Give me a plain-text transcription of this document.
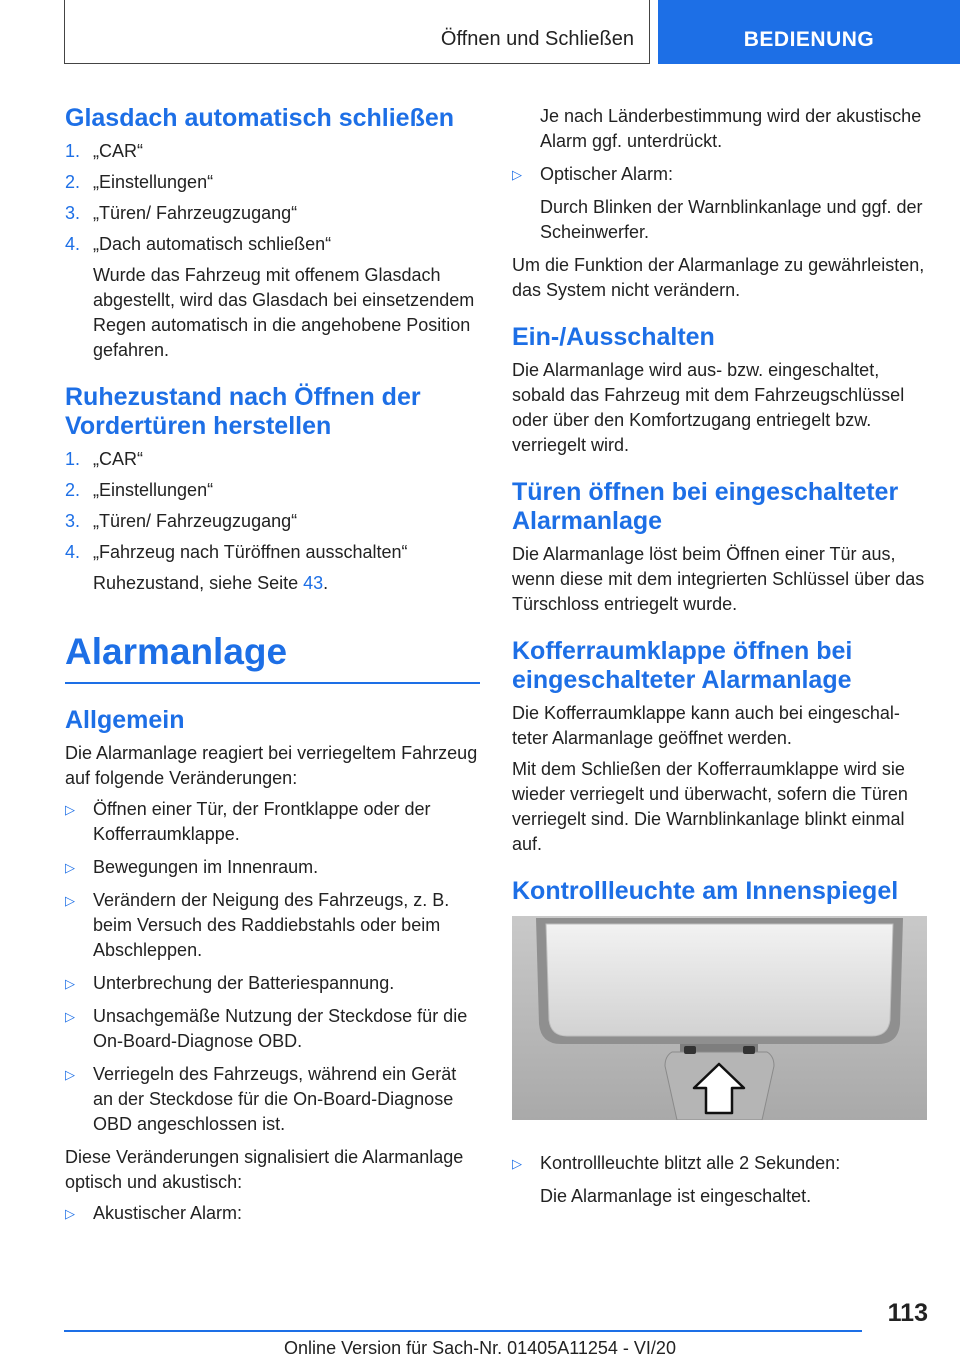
Öffnen und Schließen	BEDIENUNG
Glasdach automatisch schließen
1. „CAR“
2. „Einstellungen“
3. „Türen/ Fahrzeugzugang“
4. „Dach automatisch schließen“

Wurde das Fahrzeug mit offenem Glasdach abgestellt, wird das Glasdach bei einsetzendem Regen automatisch in die angehobene Position gefahren.

Ruhezustand nach Öffnen der Vordertüren herstellen
1. „CAR“
2. „Einstellungen“
3. „Türen/ Fahrzeugzugang“
4. „Fahrzeug nach Türöffnen ausschalten“

Ruhezustand, siehe Seite 43.

Alarmanlage
Allgemein

Die Alarmanlage reagiert bei verriegeltem Fahrzeug auf folgende Veränderungen:

▷	Öffnen einer Tür, der Frontklappe oder der Kofferraumklappe.
▷	Bewegungen im Innenraum.
▷	Verändern der Neigung des Fahrzeugs, z. B. beim Versuch des Raddiebstahls oder beim Abschleppen.
▷	Unterbrechung der Batteriespannung.
▷	Unsachgemäße Nutzung der Steckdose für die On-Board-Diagnose OBD.
▷	Verriegeln des Fahrzeugs, während ein Gerät an der Steckdose für die On-Board-Diagnose OBD angeschlossen ist.

Diese Veränderungen signalisiert die Alarmanlage optisch und akustisch:

▷	Akustischer Alarm:

Je nach Länderbestimmung wird der akustische Alarm ggf. unterdrückt.

▷	Optischer Alarm:

Durch Blinken der Warnblinkanlage und ggf. der Scheinwerfer.

Um die Funktion der Alarmanlage zu gewährleisten, das System nicht verändern.

Ein-/Ausschalten

Die Alarmanlage wird aus- bzw. eingeschaltet, sobald das Fahrzeug mit dem Fahrzeugschlüssel oder über den Komfortzugang entriegelt bzw. verriegelt wird.

Türen öffnen bei eingeschalteter Alarmanlage

Die Alarmanlage löst beim Öffnen einer Tür aus, wenn diese mit dem integrierten Schlüssel über das Türschloss entriegelt wurde.

Kofferraumklappe öffnen bei eingeschalteter Alarmanlage

Die Kofferraumklappe kann auch bei eingeschalteter Alarmanlage geöffnet werden.

Mit dem Schließen der Kofferraumklappe wird sie wieder verriegelt und überwacht, sofern die Türen verriegelt sind. Die Warnblinkanlage blinkt einmal auf.

Kontrollleuchte am Innenspiegel
▷	Kontrollleuchte blitzt alle 2 Sekunden:

Die Alarmanlage ist eingeschaltet.

113
Online Version für Sach-Nr. 01405A11254 - VI/20
